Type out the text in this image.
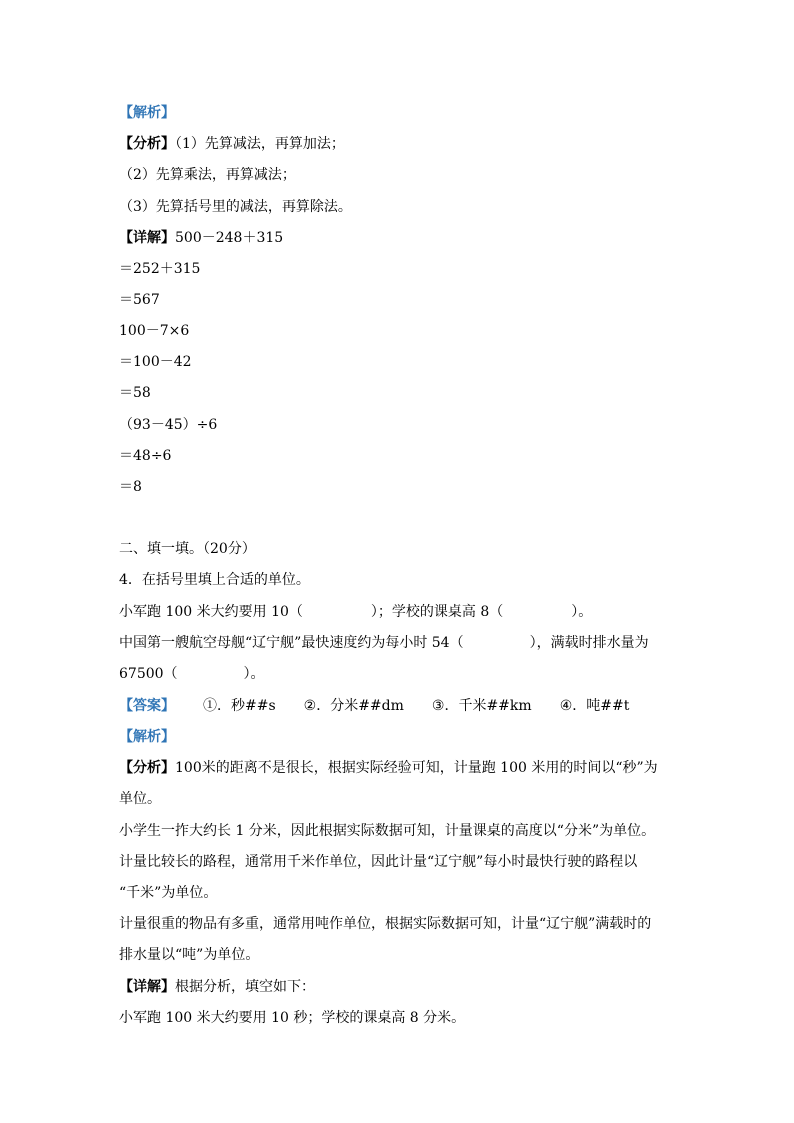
【解析】
【分析】（1）先算减法，再算加法；
（2）先算乘法，再算减法；
（3）先算括号里的减法，再算除法。
【详解】500－248＋315
＝252＋315
＝567
100－7×6
＝100－42
＝58
（93－45）÷6
＝48÷6
＝8
二、填一填。（20分）
4．在括号里填上合适的单位。
小军跑 100 米大约要用 10（	）；学校的课桌高 8（	）。
中国第一艘航空母舰“辽宁舰”最快速度约为每小时 54（	），满载时排水量为
67500（	）。
【答案】 ①．秒##s ②．分米##dm ③．千米##km ④．吨##t
【解析】
【分析】100米的距离不是很长，根据实际经验可知，计量跑 100 米用的时间以“秒”为
单位。
小学生一拃大约长 1 分米，因此根据实际数据可知，计量课桌的高度以“分米”为单位。
计量比较长的路程，通常用千米作单位，因此计量“辽宁舰”每小时最快行驶的路程以
“千米”为单位。
计量很重的物品有多重，通常用吨作单位，根据实际数据可知，计量“辽宁舰”满载时的
排水量以“吨”为单位。
【详解】根据分析，填空如下：
小军跑 100 米大约要用 10 秒；学校的课桌高 8 分米。
